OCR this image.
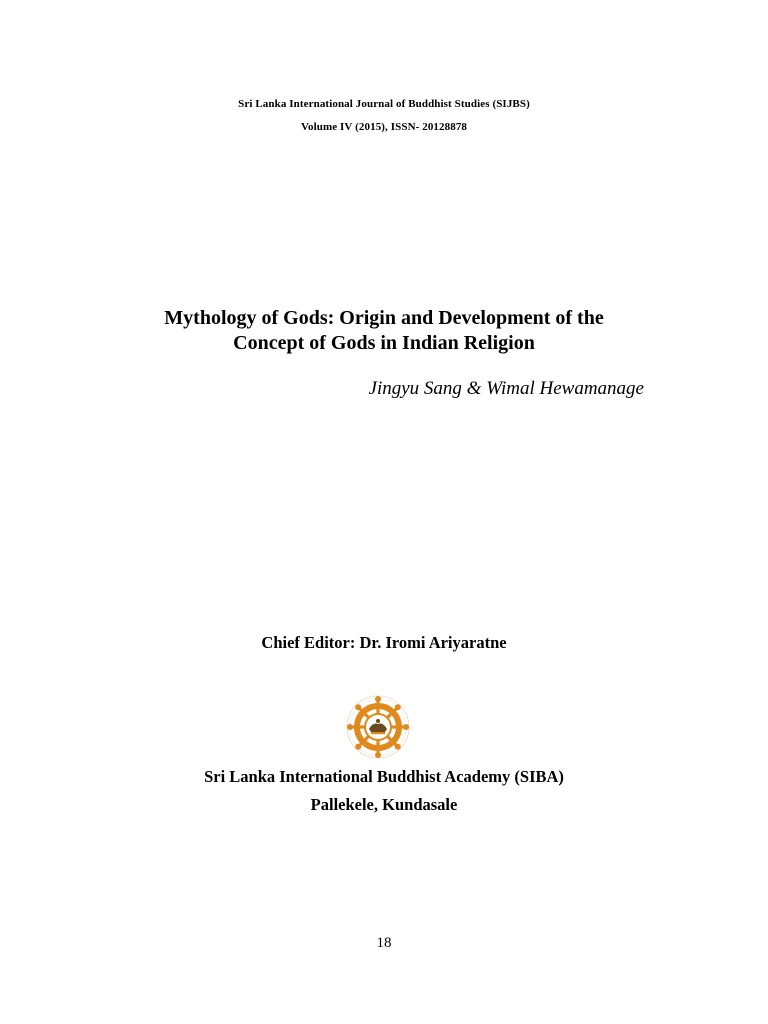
Sri Lanka International Journal of Buddhist Studies (SIJBS)
Volume IV (2015), ISSN- 20128878
Mythology of Gods: Origin and Development of the
Concept of Gods in Indian Religion
Jingyu Sang & Wimal Hewamanage
Chief Editor: Dr. Iromi Ariyaratne
Sri Lanka International Buddhist Academy (SIBA)
Pallekele, Kundasale
18
